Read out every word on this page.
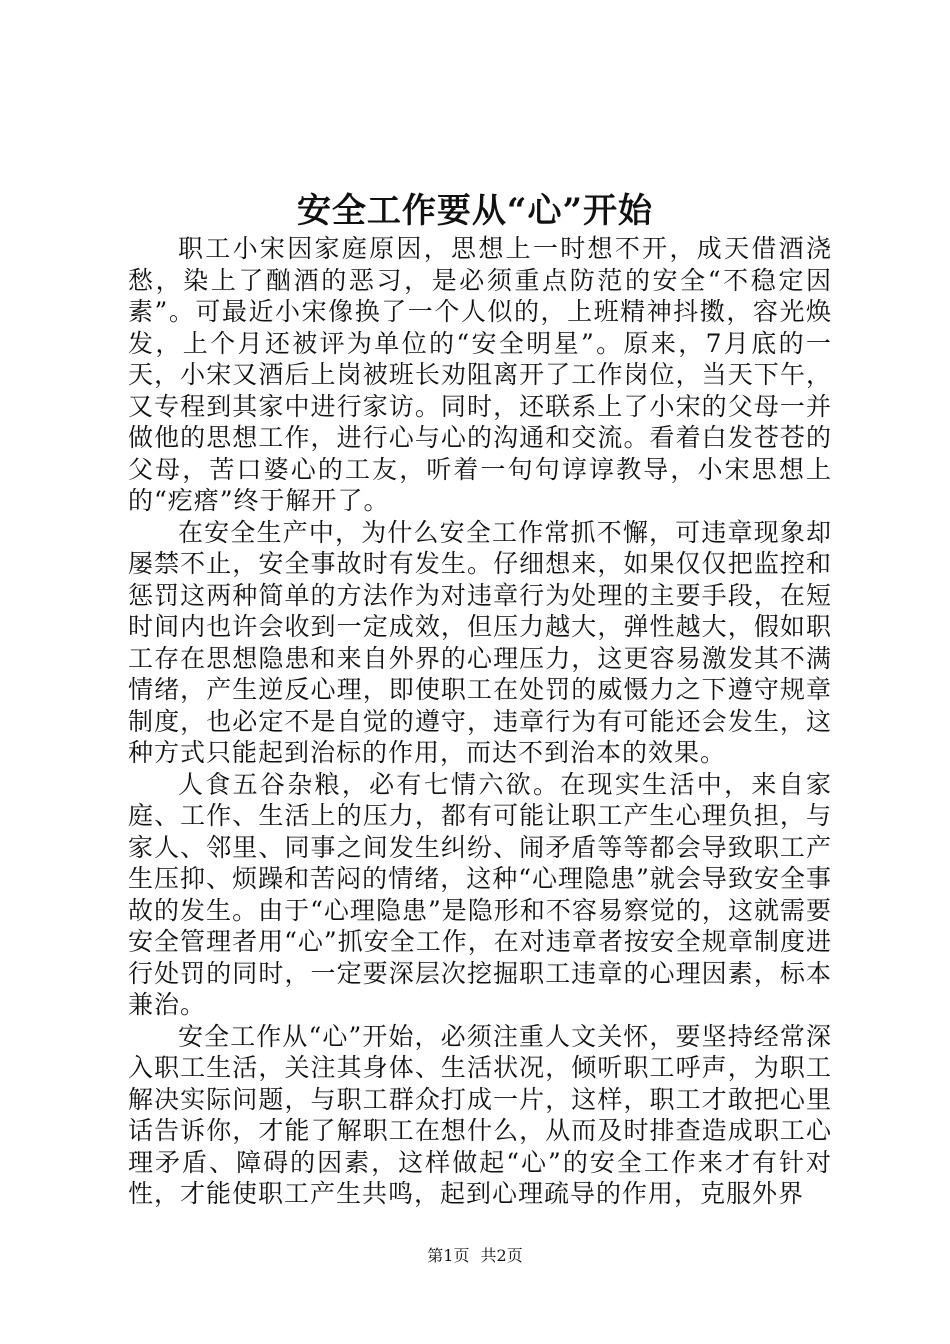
安全工作要从“心”开始

职工小宋因家庭原因，思想上一时想不开，成天借酒浇愁，染上了酗酒的恶习，是必须重点防范的安全“不稳定因素”。可最近小宋像换了一个人似的，上班精神抖擞，容光焕发，上个月还被评为单位的“安全明星”。原来，7月底的一天，小宋又酒后上岗被班长劝阻离开了工作岗位，当天下午，又专程到其家中进行家访。同时，还联系上了小宋的父母一并做他的思想工作，进行心与心的沟通和交流。看着白发苍苍的父母，苦口婆心的工友，听着一句句谆谆教导，小宋思想上的“疙瘩”终于解开了。

在安全生产中，为什么安全工作常抓不懈，可违章现象却屡禁不止，安全事故时有发生。仔细想来，如果仅仅把监控和惩罚这两种简单的方法作为对违章行为处理的主要手段，在短时间内也许会收到一定成效，但压力越大，弹性越大，假如职工存在思想隐患和来自外界的心理压力，这更容易激发其不满情绪，产生逆反心理，即使职工在处罚的威慑力之下遵守规章制度，也必定不是自觉的遵守，违章行为有可能还会发生，这种方式只能起到治标的作用，而达不到治本的效果。

人食五谷杂粮，必有七情六欲。在现实生活中，来自家庭、工作、生活上的压力，都有可能让职工产生心理负担，与家人、邻里、同事之间发生纠纷、闹矛盾等等都会导致职工产生压抑、烦躁和苦闷的情绪，这种“心理隐患”就会导致安全事故的发生。由于“心理隐患”是隐形和不容易察觉的，这就需要安全管理者用“心”抓安全工作，在对违章者按安全规章制度进行处罚的同时，一定要深层次挖掘职工违章的心理因素，标本兼治。

安全工作从“心”开始，必须注重人文关怀，要坚持经常深入职工生活，关注其身体、生活状况，倾听职工呼声，为职工解决实际问题，与职工群众打成一片，这样，职工才敢把心里话告诉你，才能了解职工在想什么，从而及时排查造成职工心理矛盾、障碍的因素，这样做起“心”的安全工作来才有针对性，才能使职工产生共鸣，起到心理疏导的作用，克服外界

第1页 共2页
